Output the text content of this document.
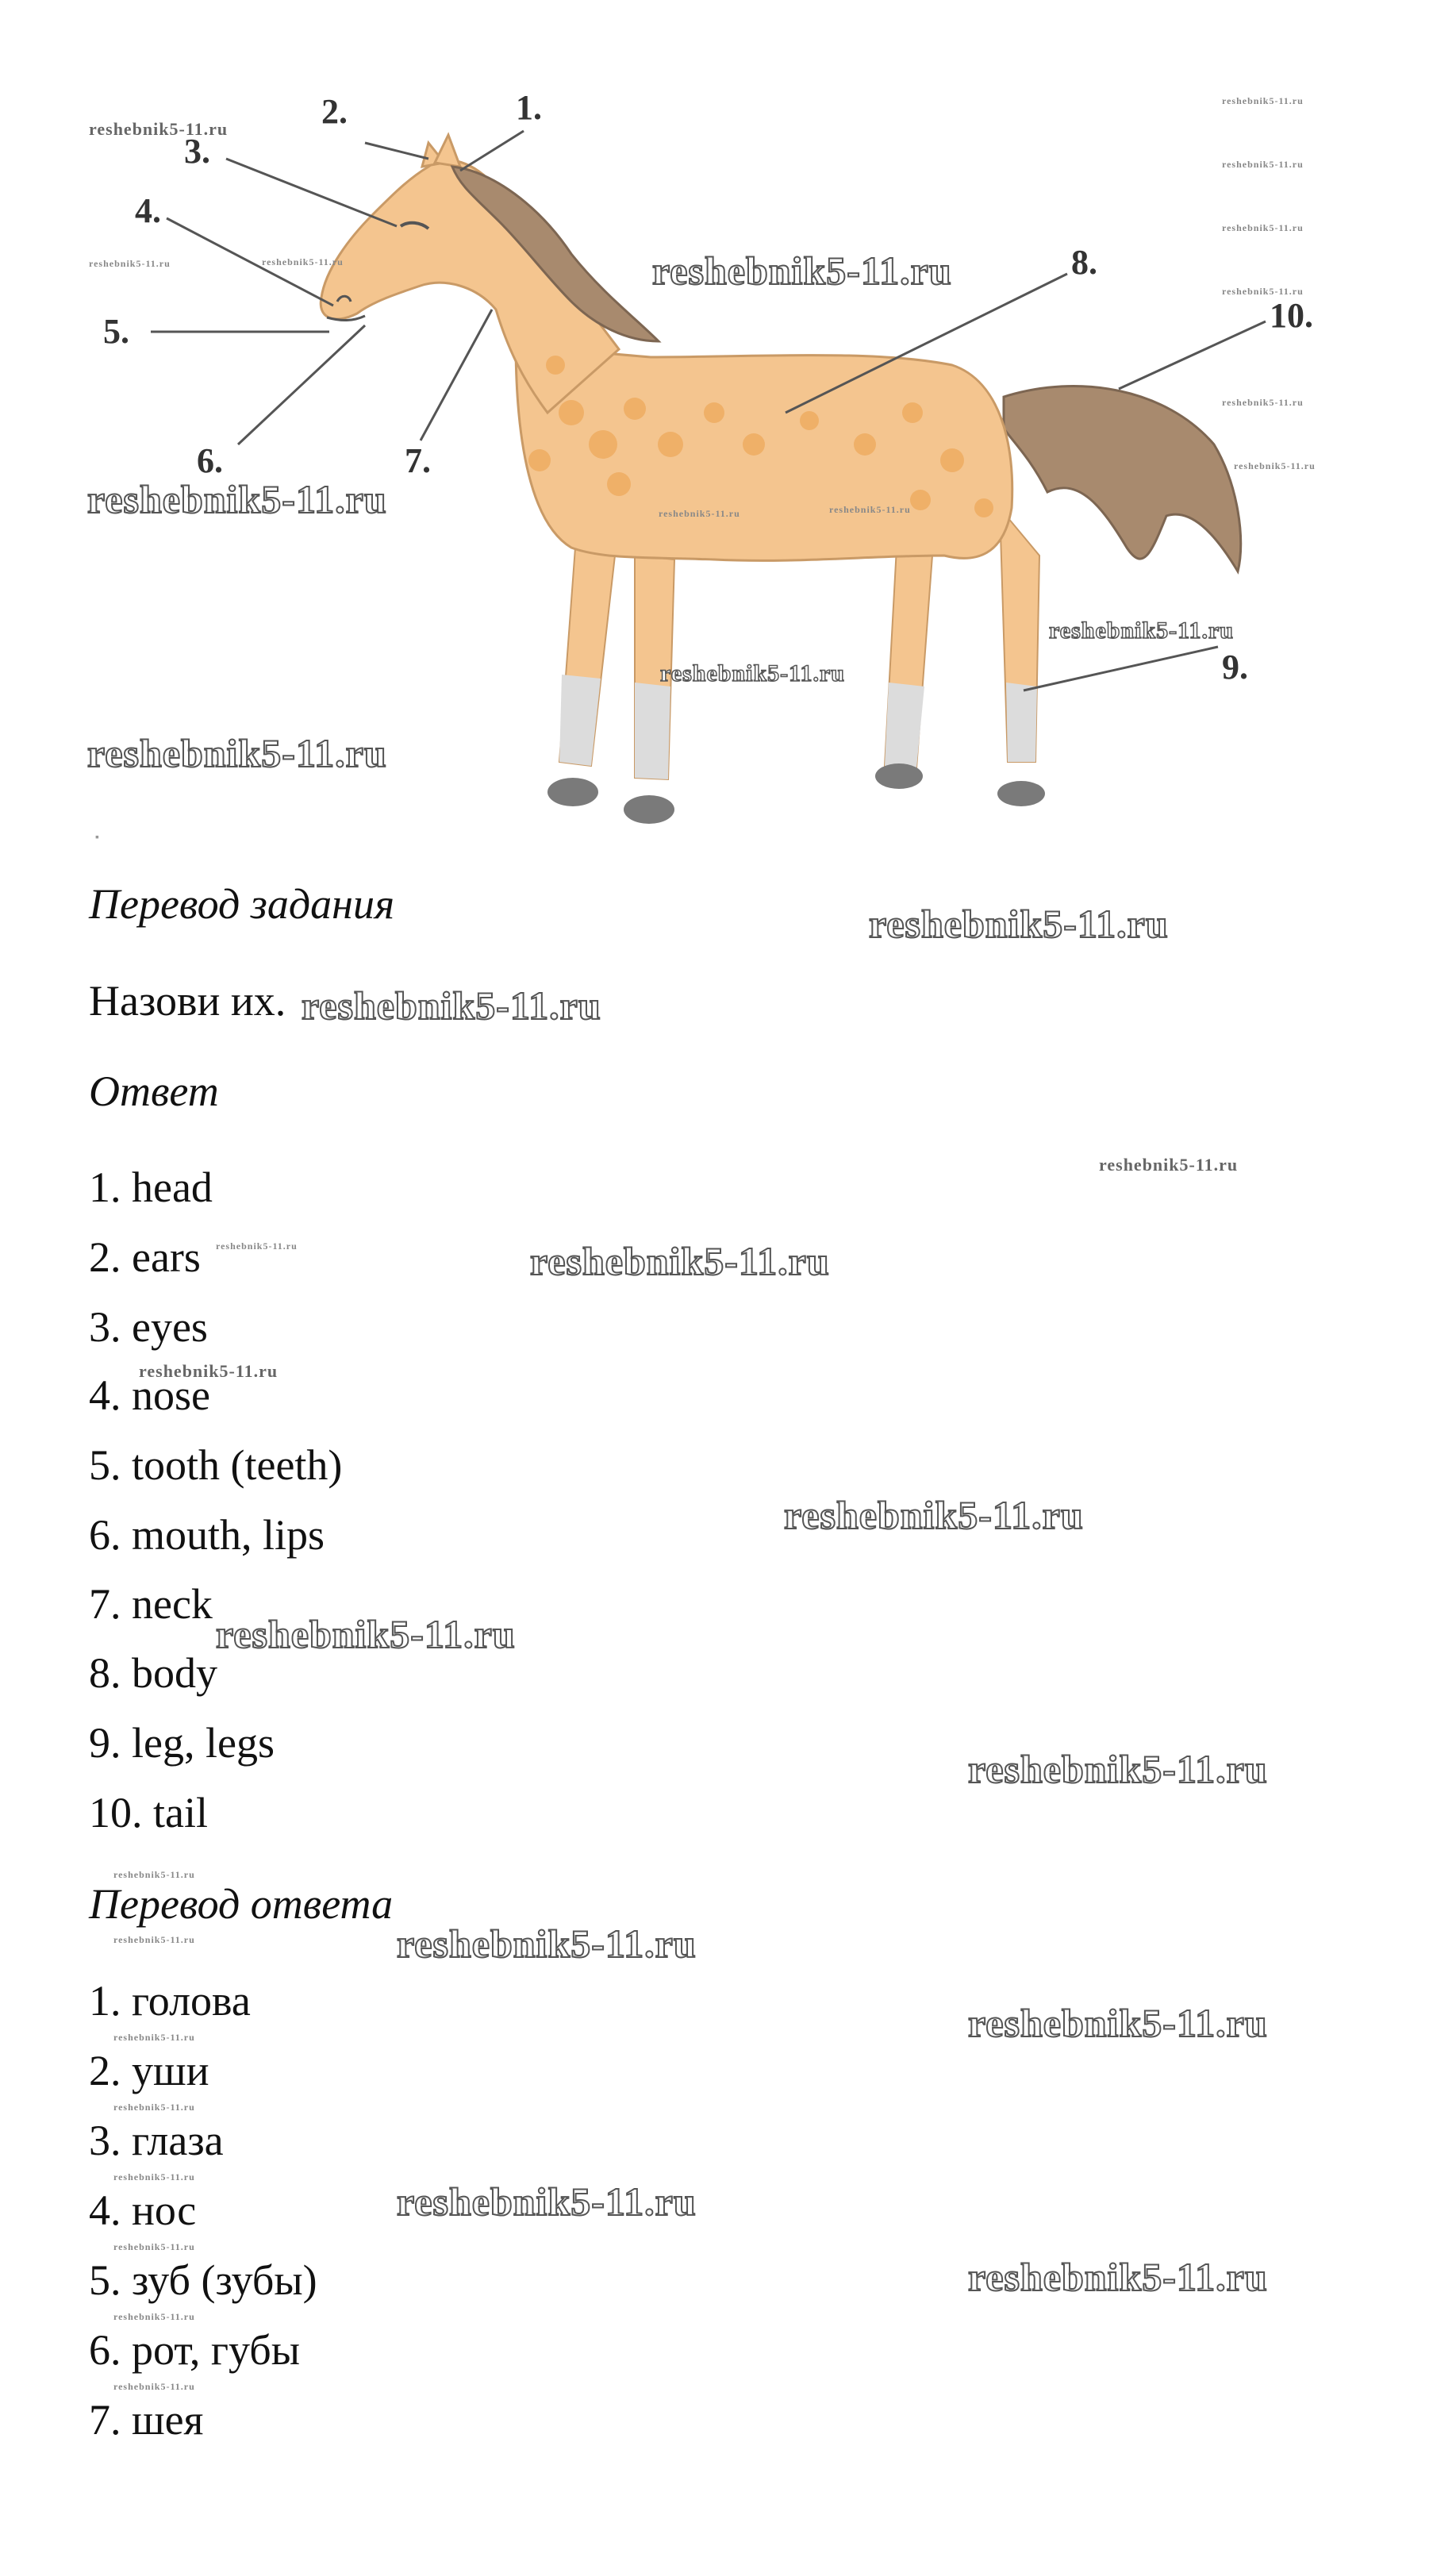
1.
2.
3.
4.
5.
6.	7.
8.
9.
10.
reshebnik5-11.ru
reshebnik5-11.ru	reshebnik5-11.ru	reshebnik5-11.ru
reshebnik5-11.ru
reshebnik5-11.ru
reshebnik5-11.ru
reshebnik5-11.ru
reshebnik5-11.ru
reshebnik5-11.ru
reshebnik5-11.ru	reshebnik5-11.ru	reshebnik5-11.ru
reshebnik5-11.ru
reshebnik5-11.ru
reshebnik5-11.ru
▪
Перевод задания	reshebnik5-11.ru

Назови их. reshebnik5-11.ru
Ответ
reshebnik5-11.ru

1. head

2. ears reshebnik5-11.ru	reshebnik5-11.ru

3. eyes

reshebnik5-11.ru

4. nose

5. tooth (teeth)

6. mouth, lips	reshebnik5-11.ru

7. neck

reshebnik5-11.ru

8. body

9. leg, legs

reshebnik5-11.ru

10. tail

reshebnik5-11.ru
Перевод ответа
reshebnik5-11.ru	reshebnik5-11.ru

1. голова	reshebnik5-11.ru
reshebnik5-11.ru

2. уши

reshebnik5-11.ru

3. глаза

reshebnik5-11.ru
reshebnik5-11.ru

4. нос

reshebnik5-11.ru
reshebnik5-11.ru

5. зуб (зубы)

reshebnik5-11.ru

6. рот, губы

reshebnik5-11.ru

7. шея
